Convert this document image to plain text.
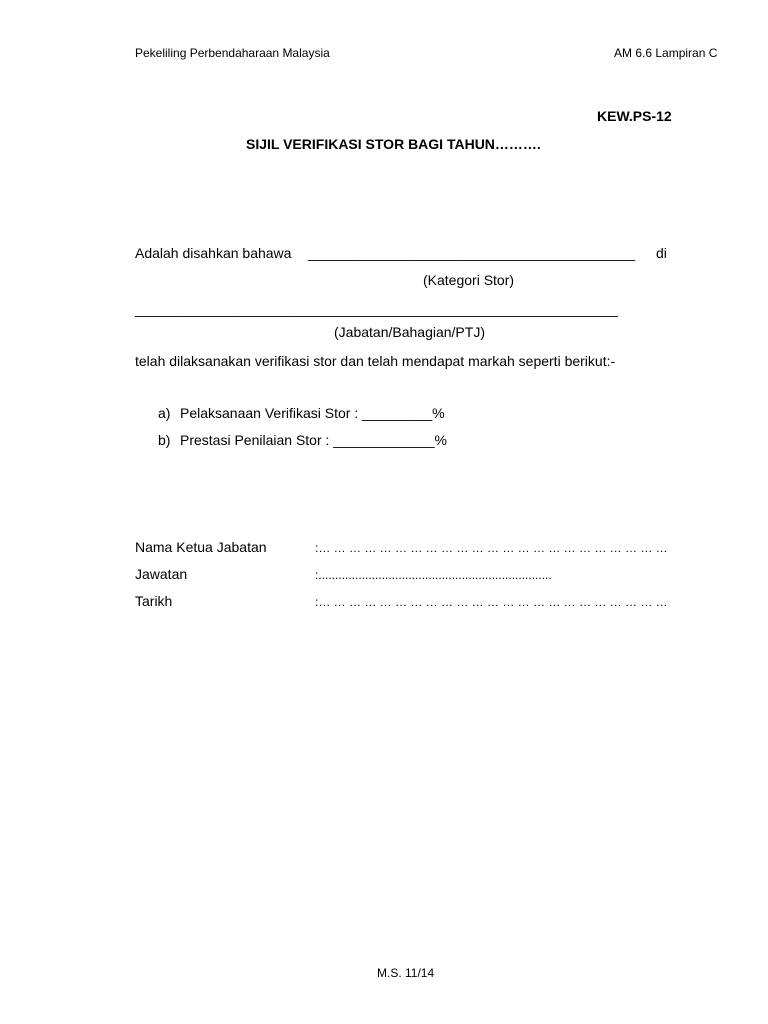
Pekeliling Perbendaharaan Malaysia	AM 6.6 Lampiran C
KEW.PS-12
SIJIL VERIFIKASI STOR BAGI TAHUN……….
Adalah disahkan bahawa __________________________________________ di
(Kategori Stor)
______________________________________________________________
(Jabatan/Bahagian/PTJ)
telah dilaksanakan verifikasi stor dan telah mendapat markah seperti berikut:-
a) Pelaksanaan Verifikasi Stor : _________%
b) Prestasi Penilaian Stor : _____________%
Nama Ketua Jabatan	:… … … … … … … … … … … … … … … … … … … … … … …
Jawatan	:......................................................................
Tarikh	:… … … … … … … … … … … … … … … … … … … … … … …
M.S. 11/14
